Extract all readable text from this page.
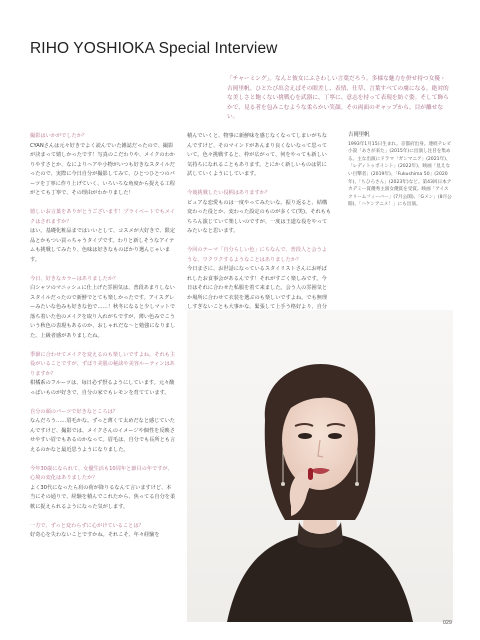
RIHO YOSHIOKA Special Interview
「チャーミング」。なんと彼女にふさわしい言葉だろう。多様な魅力を併せ持つ女優・吉岡里帆。ひとたび出会えばその眼差し、表情、仕草、言葉すべての虜になる。絶対的な美しさと飽くない挑戦心を武器に、丁寧に、意志を持って表現を紡ぐ姿。そして飾らかで、見る者を包みこむような柔らかい笑顔。その両面のギャップから、目が離せない。
撮影はいかがでしたか？
CYANさんは元々好きでよく読んでいた雑誌だったので、撮影が決まって嬉しかったです！写真のこだわりや、メイクのわかりやすさとか、なによりヘアや小物がいつも好きなスタイルだったので、実際に今日自分が撮影してみて、ひとつひとつのパーツを丁寧に作り上げていく、いろいろな角度から捉える工程がとても丁寧で、その理由がわかりました！
嬉しいお言葉をありがとうございます！プライベートでもメイクはされますか？
はい。基礎化粧品まではいいとして、コスメが大好きで、限定品とかもつい買っちゃうタイプです。わりと新しそうなアイテムも挑戦してみたり、色味は好きなものばかり選んじゃいます。
今日、好きなカラーはありましたか？
白シャツのマニッシュに仕上げた雰囲気は、普段あまりしないスタイルだったので新鮮でとても楽しかったです。アイスグレーみたいな色みも好きな色で……！秋冬になると少しマットで落ち着いた色のメイクを取り入れがちですが、薄い色みでこういう秋色の表現もあるのか、おしゃれだな〜と勉強になりました。上級者感がありましたね。
季節に合わせてメイクを変えるのも楽しいですよね。それも主役がいることですが、ずばり美肌の秘訣や美容ルーティンはありますか？
柑橘系のフルーツは、毎日必ず摂るようにしています。元々酸っぱいものが好きで、自分の家でもレモンを育てています。
自分の顔のパーツで好きなところは？
なんだろう……眉毛かな。ずっと薄くて太めだなと感じていたんですけど、撮影では、メイクさんのイメージや個性を反映させやすい眉でもあるのかなって。眉毛は、自分でも長所とも言えるのかなと最近思うようになりました。
今年30歳になられて、女優生活も10周年と節目の年ですが、心境の変化はありましたか？
よく30代になったら肩の荷が降りるなんて言いますけど、本当にその通りで、経験を積んでこれたから、焦ってる自分を柔軟に捉えられるようになった気がします。
一方で、ずっと変わらずに心がけていることは？
好奇心を失わないことですかね。それこそ、年々経験を
積んでいくと、物事に新鮮味を感じなくなってしまいがちなんですけど、そのマインドがあんまり良くないなって思っていて。色々挑戦すると、枠が広がって、何をやっても新しい気持ちになれることもあります。とにかく新しいものは常に試していくようにしています。
今後挑戦したい役柄はありますか？
ピュアな恋愛ものは一度やってみたいな。振り返ると、結構変わった役とか、変わった設定のものが多くて(笑)。それももちろん演じていて楽しいのですが、一度は王道な役をやってみたいなと思います。
今回のテーマ「自分らしい色」にちなんで、普段人と会うような、ワクワクするようなことはありましたか？
今日まさに、お世話になっているスタイリストさんにお呼ばれしたお食事会があるんです！それがすごく楽しみです。今日はそれに合わせた私服を着て来ました。会う人の雰囲気とか場所に合わせて衣装を選ぶのも楽しいですよね。でも無理しすぎないことも大事かな。緊張して上手う格好より、自分
吉岡里帆
1993年1月15日生まれ。京都府出身。連続テレビ小説「あさが来た」(2015年)に出演し注目を集める。主な出演にドラマ「ガンマニア」(2021年)、「レディトゥポイント」(2022年)、映画「見えない目撃者」(2019年)、「Fukushima 50」(2020年)、「ちひろさん」(2023年)など。第43回日本アカデミー賞優秀主演女優賞を受賞。映画「アイスクリームフィーバー」(7月公開)、「Gメン」(8月公開)、「ハケンアニメ！」にも出演。
029
